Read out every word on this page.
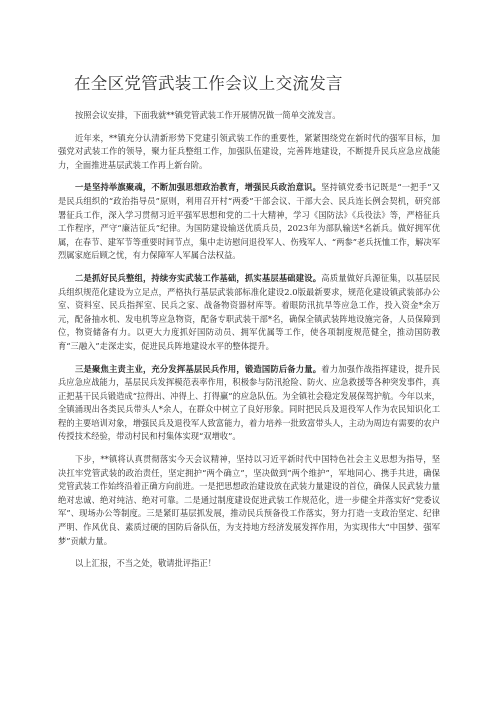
在全区党管武装工作会议上交流发言

按照会议安排，下面我就**镇党管武装工作开展情况做一简单交流发言。

近年来，**镇充分认清新形势下党建引领武装工作的重要性，紧紧围绕党在新时代的强军目标，加强党对武装工作的领导，聚力征兵整组工作，加强队伍建设，完善阵地建设，不断提升民兵应急应战能力，全面推进基层武装工作再上新台阶。

一是坚持举旗聚魂，不断加强思想政治教育，增强民兵政治意识。坚持镇党委书记既是“一把手”又是民兵组织的“政治指导员”原则，利用召开村“两委”干部会议、干部大会、民兵连长例会契机，研究部署征兵工作，深入学习贯彻习近平强军思想和党的二十大精神，学习《国防法》《兵役法》等，严格征兵工作程序，严守“廉洁征兵”纪律。为国防建设输送优质兵员，2023年为部队输送*名新兵。做好拥军优属，在春节、建军节等重要时间节点，集中走访慰问退役军人、伤残军人、“两参”老兵抚恤工作，解决军烈属家庭后顾之忧，有力保障军人军属合法权益。

二是抓好民兵整组，持续夯实武装工作基础，抓实基层基础建设。高质量做好兵源征集，以基层民兵组织规范化建设为立足点，严格执行基层武装部标准化建设2.0版最新要求，规范化建设镇武装部办公室、资料室、民兵指挥室、民兵之家、战备物资器材库等。着眼防汛抗旱等应急工作，投入资金*余万元，配备抽水机、发电机等应急物资，配备专职武装干部*名，确保全镇武装阵地设施完备，人员保障到位，物资储备有力。以更大力度抓好国防动员、拥军优属等工作，使各项制度规范健全，推动国防教育“三融入”走深走实，促进民兵阵地建设水平的整体提升。

三是聚焦主责主业，充分发挥基层民兵作用，锻造国防后备力量。着力加强作战指挥建设，提升民兵应急应战能力，基层民兵发挥模范表率作用，积极参与防汛抢险、防火、应急救援等各种突发事件，真正把基干民兵锻造成“拉得出、冲得上、打得赢”的应急队伍。为全镇社会稳定发展保驾护航。今年以来，全镇涌现出各类民兵带头人*余人，在群众中树立了良好形象。同时把民兵及退役军人作为农民知识化工程的主要培训对象，增强民兵及退役军人致富能力，着力培养一批致富带头人，主动为周边有需要的农户传授技术经验，带动村民和村集体实现“双增收”。

下步，**镇将认真贯彻落实今天会议精神，坚持以习近平新时代中国特色社会主义思想为指导，坚决扛牢党管武装的政治责任，坚定拥护“两个确立”，坚决做到“两个维护”，军地同心、携手共进，确保党管武装工作始终沿着正确方向前进。一是把思想政治建设放在武装力量建设的首位，确保人民武装力量绝对忠诚、绝对纯洁、绝对可靠。二是通过制度建设促进武装工作规范化，进一步健全并落实好“党委议军”、现场办公等制度。三是紧盯基层抓发展，推动民兵预备役工作落实，努力打造一支政治坚定、纪律严明、作风优良、素质过硬的国防后备队伍，为支持地方经济发展发挥作用，为实现伟大“中国梦、强军梦”贡献力量。

以上汇报，不当之处，敬请批评指正！
